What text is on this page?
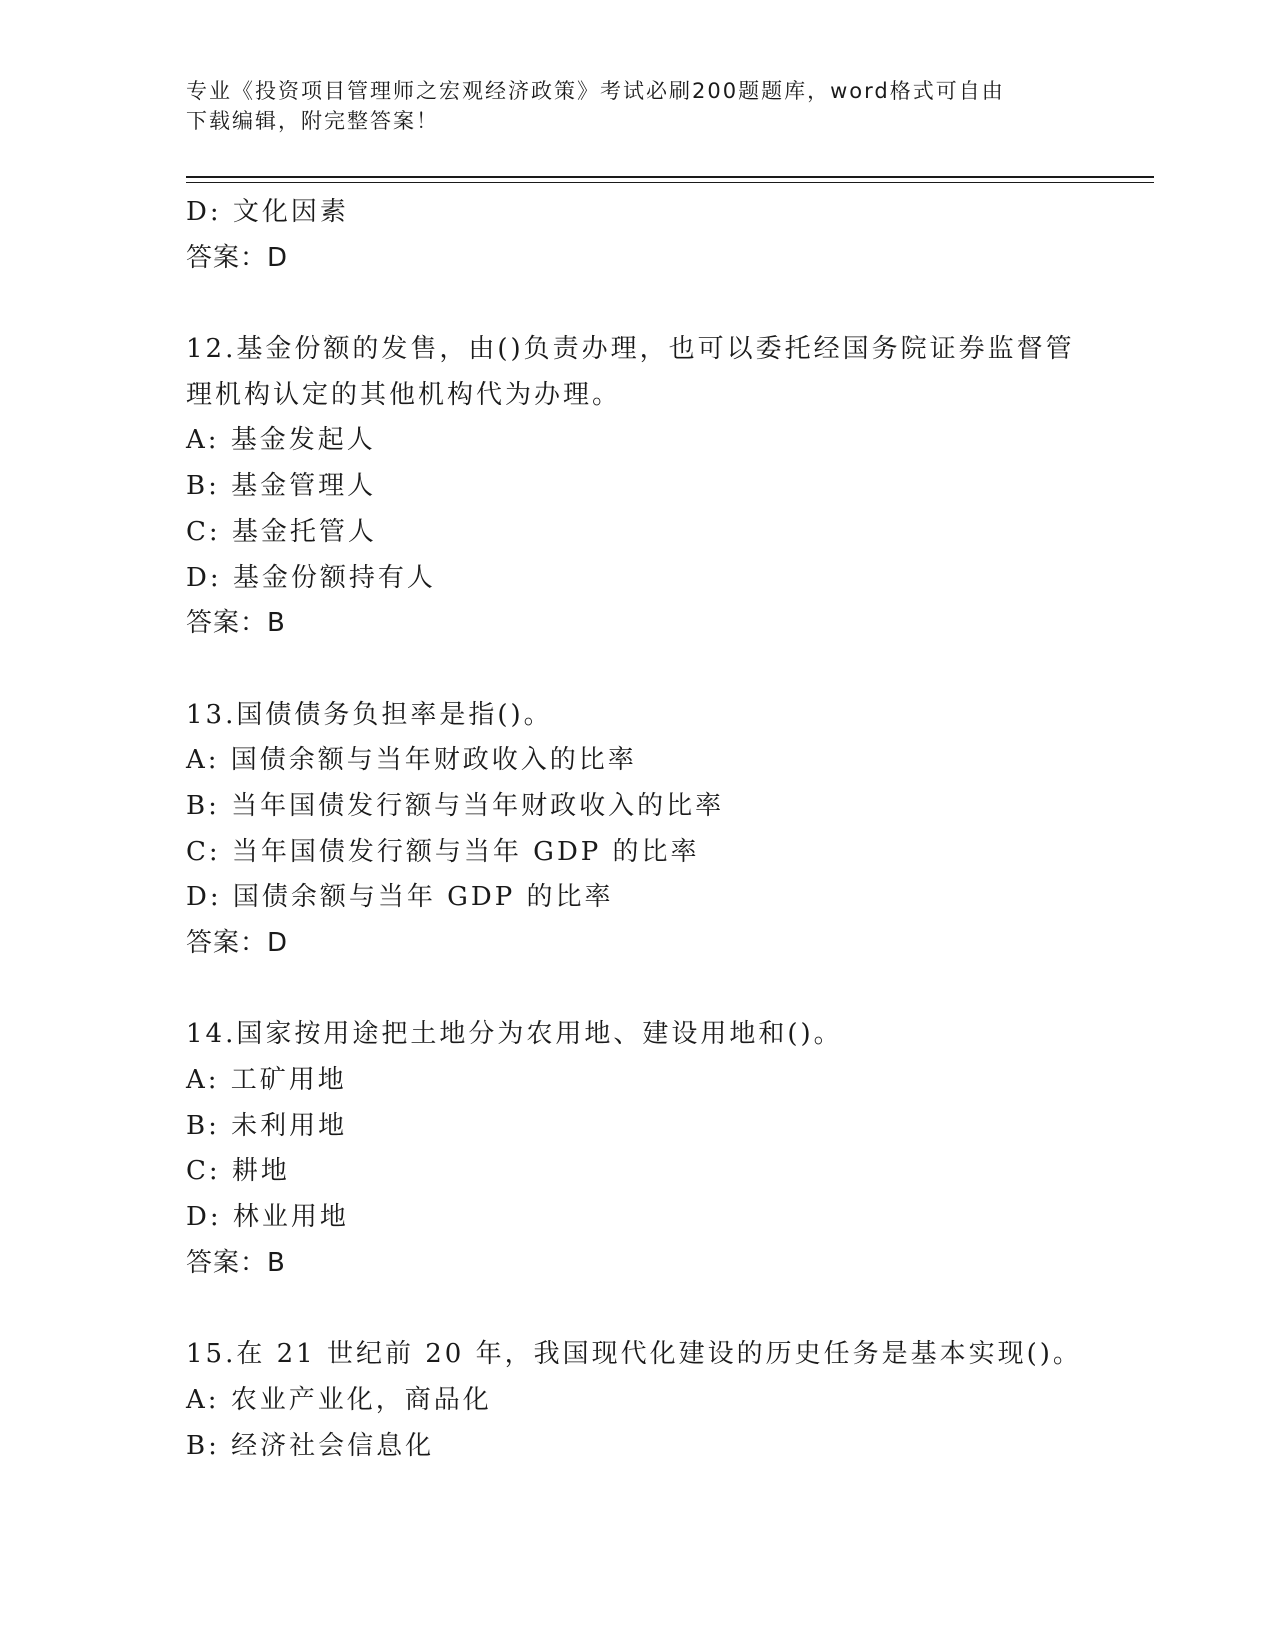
专业《投资项目管理师之宏观经济政策》考试必刷200题题库，word格式可自由
下载编辑，附完整答案！
D: 文化因素
答案：D
12.基金份额的发售，由()负责办理，也可以委托经国务院证券监督管
理机构认定的其他机构代为办理。
A: 基金发起人
B: 基金管理人
C: 基金托管人
D: 基金份额持有人
答案：B
13.国债债务负担率是指()。
A: 国债余额与当年财政收入的比率
B: 当年国债发行额与当年财政收入的比率
C: 当年国债发行额与当年 GDP 的比率
D: 国债余额与当年 GDP 的比率
答案：D
14.国家按用途把土地分为农用地、建设用地和()。
A: 工矿用地
B: 未利用地
C: 耕地
D: 林业用地
答案：B
15.在 21 世纪前 20 年，我国现代化建设的历史任务是基本实现()。
A: 农业产业化，商品化
B: 经济社会信息化
